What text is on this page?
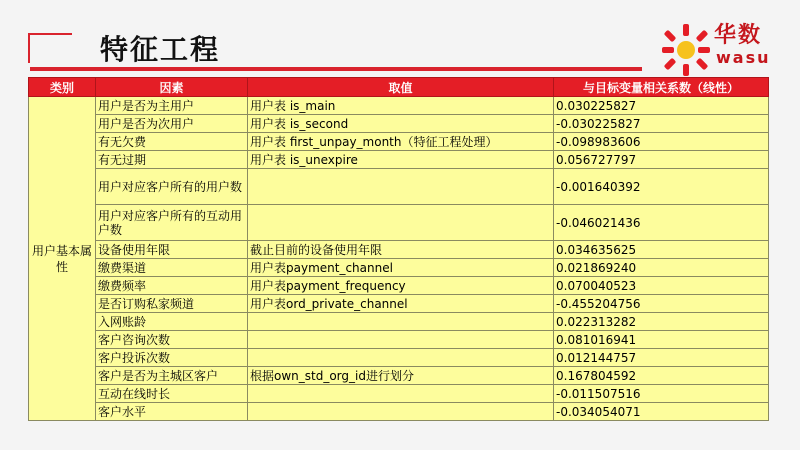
特征工程	华数
wasu
类别	因素	取值	与目标变量相关系数（线性）
用户基本属性	用户是否为主用户	用户表 is_main	0.030225827
	用户是否为次用户	用户表 is_second	-0.030225827
	有无欠费	用户表 first_unpay_month（特征工程处理）	-0.098983606
	有无过期	用户表 is_unexpire	0.056727797
	用户对应客户所有的用户数		-0.001640392
	用户对应客户所有的互动用户数		-0.046021436
	设备使用年限	截止目前的设备使用年限	0.034635625
	缴费渠道	用户表payment_channel	0.021869240
	缴费频率	用户表payment_frequency	0.070040523
	是否订购私家频道	用户表ord_private_channel	-0.455204756
	入网账龄		0.022313282
	客户咨询次数		0.081016941
	客户投诉次数		0.012144757
	客户是否为主城区客户	根据own_std_org_id进行划分	0.167804592
	互动在线时长		-0.011507516
	客户水平		-0.034054071
